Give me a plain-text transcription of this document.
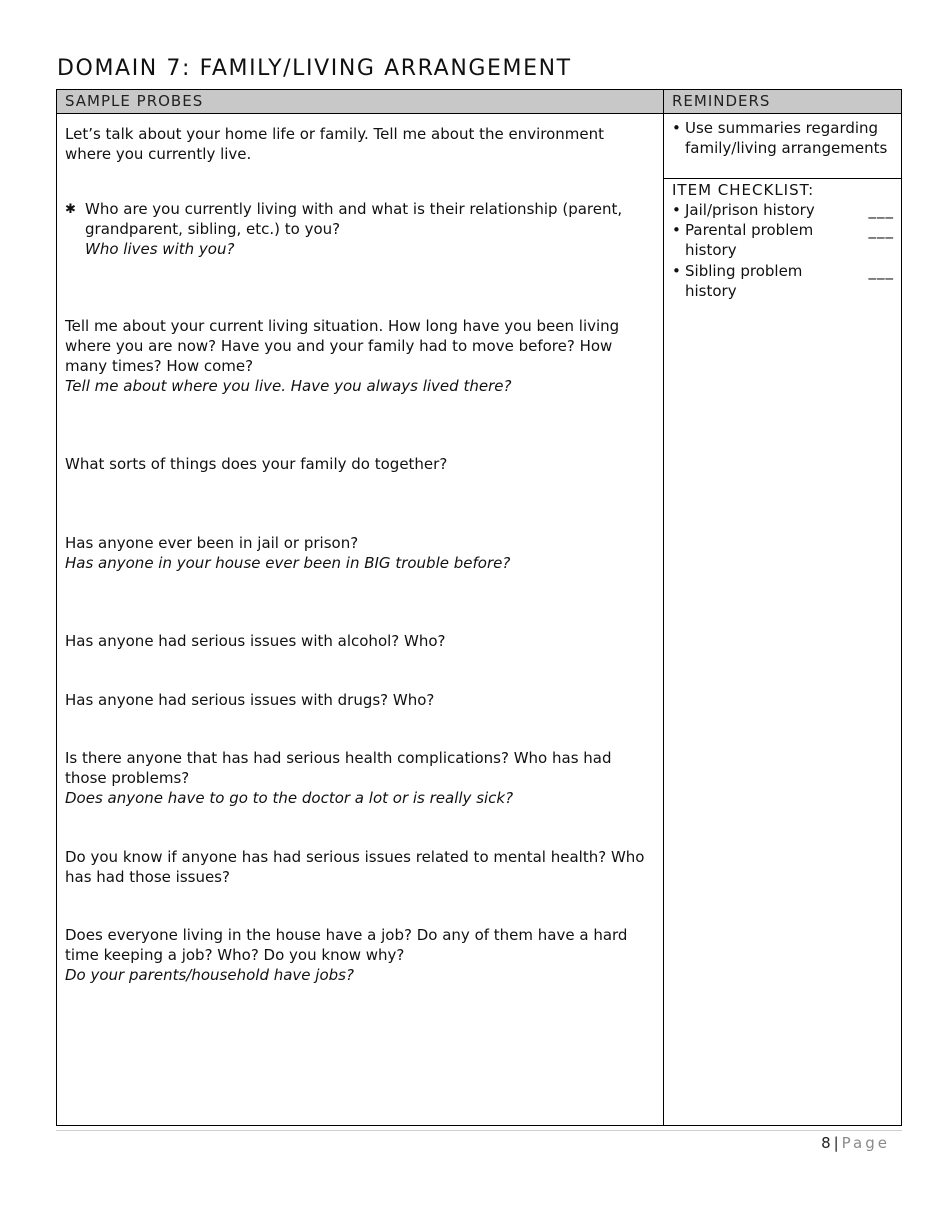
DOMAIN 7: FAMILY/LIVING ARRANGEMENT
SAMPLE PROBES	REMINDERS
Let’s talk about your home life or family. Tell me about the environment
where you currently live.
✱ Who are you currently living with and what is their relationship (parent,
grandparent, sibling, etc.) to you?
Who lives with you?
Tell me about your current living situation. How long have you been living
where you are now? Have you and your family had to move before? How
many times? How come?
Tell me about where you live. Have you always lived there?
What sorts of things does your family do together?
Has anyone ever been in jail or prison?
Has anyone in your house ever been in BIG trouble before?
Has anyone had serious issues with alcohol? Who?
Has anyone had serious issues with drugs? Who?
Is there anyone that has had serious health complications? Who has had
those problems?
Does anyone have to go to the doctor a lot or is really sick?
Do you know if anyone has had serious issues related to mental health? Who
has had those issues?
Does everyone living in the house have a job? Do any of them have a hard
time keeping a job? Who? Do you know why?
Do your parents/household have jobs?
• Use summaries regarding
family/living arrangements
ITEM CHECKLIST:
• Jail/prison history	___
• Parental problem
history
___
• Sibling problem
history
___
8 | Page
